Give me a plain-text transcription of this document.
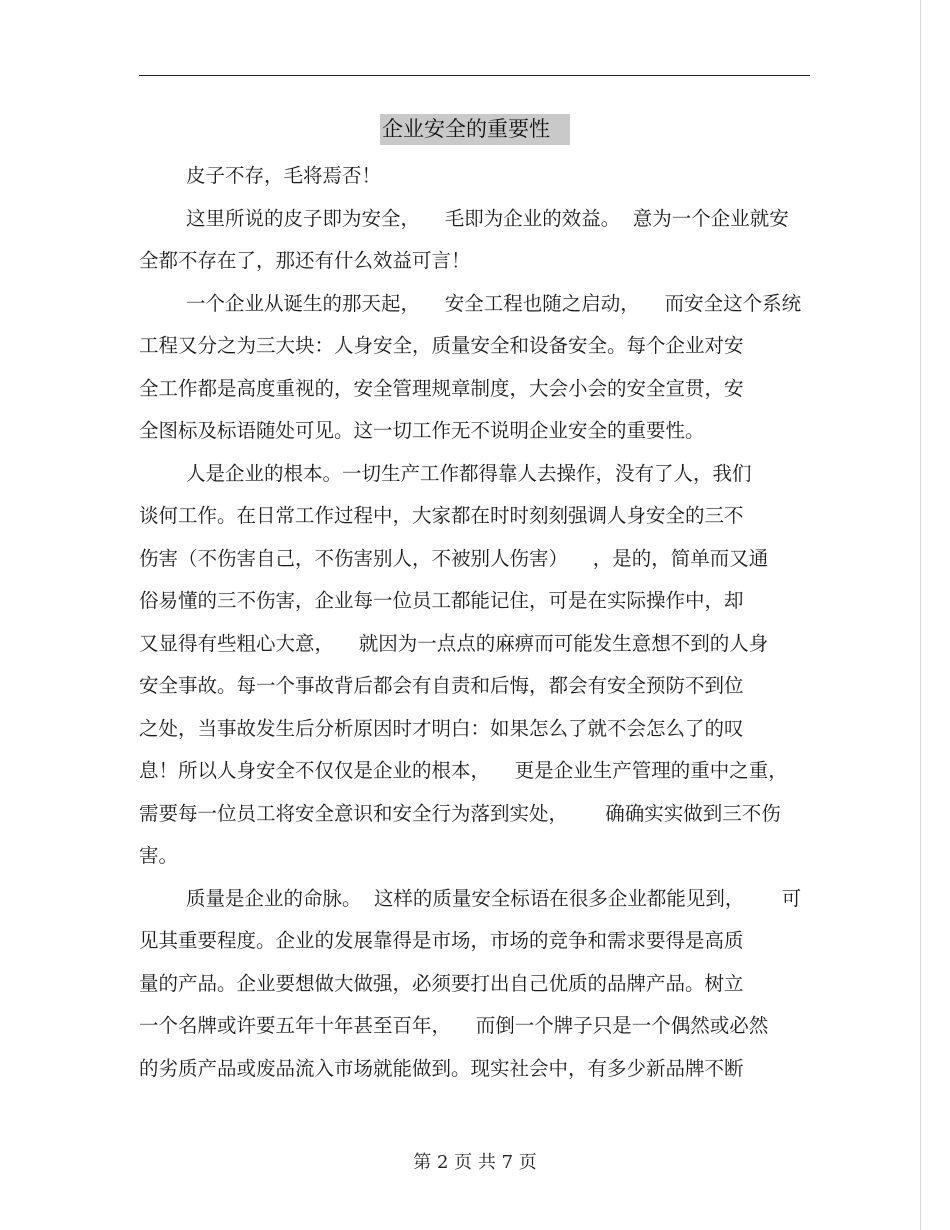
企业安全的重要性
皮子不存，毛将焉否！
这里所说的皮子即为安全，    毛即为企业的效益。  意为一个企业就安
全都不存在了，那还有什么效益可言！
一个企业从诞生的那天起，    安全工程也随之启动，    而安全这个系统
工程又分之为三大块：人身安全，质量安全和设备安全。每个企业对安
全工作都是高度重视的，安全管理规章制度，大会小会的安全宣贯，安
全图标及标语随处可见。这一切工作无不说明企业安全的重要性。
人是企业的根本。一切生产工作都得靠人去操作，没有了人，我们
谈何工作。在日常工作过程中，大家都在时时刻刻强调人身安全的三不
伤害（不伤害自己，不伤害别人，不被别人伤害）    ，是的，简单而又通
俗易懂的三不伤害，企业每一位员工都能记住，可是在实际操作中，却
又显得有些粗心大意，    就因为一点点的麻痹而可能发生意想不到的人身
安全事故。每一个事故背后都会有自责和后悔，都会有安全预防不到位
之处，当事故发生后分析原因时才明白：如果怎么了就不会怎么了的叹
息！所以人身安全不仅仅是企业的根本，    更是企业生产管理的重中之重，
需要每一位员工将安全意识和安全行为落到实处，      确确实实做到三不伤
害。
质量是企业的命脉。  这样的质量安全标语在很多企业都能见到，      可
见其重要程度。企业的发展靠得是市场，市场的竞争和需求要得是高质
量的产品。企业要想做大做强，必须要打出自己优质的品牌产品。树立
一个名牌或许要五年十年甚至百年，    而倒一个牌子只是一个偶然或必然
的劣质产品或废品流入市场就能做到。现实社会中，有多少新品牌不断
第 2 页 共 7 页
